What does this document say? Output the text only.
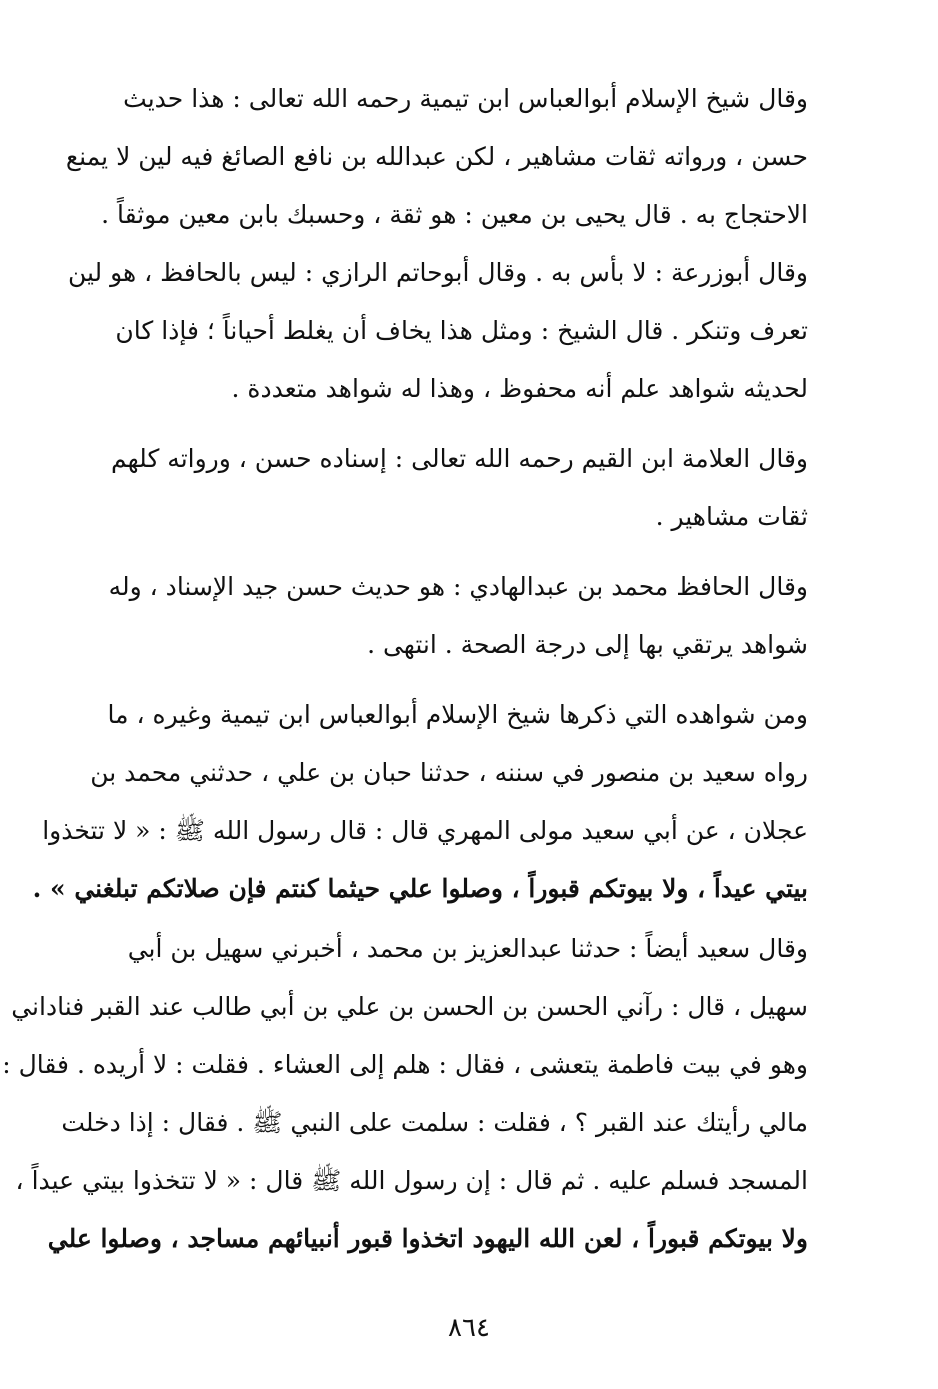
وقال شيخ الإسلام أبوالعباس ابن تيمية رحمه الله تعالى : هذا حديث
حسن ، ورواته ثقات مشاهير ، لكن عبدالله بن نافع الصائغ فيه لين لا يمنع
الاحتجاج به . قال يحيى بن معين : هو ثقة ، وحسبك بابن معين موثقاً .
وقال أبوزرعة : لا بأس به . وقال أبوحاتم الرازي : ليس بالحافظ ، هو لين
تعرف وتنكر . قال الشيخ : ومثل هذا يخاف أن يغلط أحياناً ؛ فإذا كان
لحديثه شواهد علم أنه محفوظ ، وهذا له شواهد متعددة .
وقال العلامة ابن القيم رحمه الله تعالى : إسناده حسن ، ورواته كلهم
ثقات مشاهير .
وقال الحافظ محمد بن عبدالهادي : هو حديث حسن جيد الإسناد ، وله
شواهد يرتقي بها إلى درجة الصحة . انتهى .
ومن شواهده التي ذكرها شيخ الإسلام أبوالعباس ابن تيمية وغيره ، ما
رواه سعيد بن منصور في سننه ، حدثنا حبان بن علي ، حدثني محمد بن
عجلان ، عن أبي سعيد مولى المهري قال : قال رسول الله ﷺ : « لا تتخذوا
بيتي عيداً ، ولا بيوتكم قبوراً ، وصلوا علي حيثما كنتم فإن صلاتكم تبلغني » .
وقال سعيد أيضاً : حدثنا عبدالعزيز بن محمد ، أخبرني سهيل بن أبي
سهيل ، قال : رآني الحسن بن الحسن بن علي بن أبي طالب عند القبر فناداني
وهو في بيت فاطمة يتعشى ، فقال : هلم إلى العشاء . فقلت : لا أريده . فقال :
مالي رأيتك عند القبر ؟ ، فقلت : سلمت على النبي ﷺ . فقال : إذا دخلت
المسجد فسلم عليه . ثم قال : إن رسول الله ﷺ قال : « لا تتخذوا بيتي عيداً ،
ولا بيوتكم قبوراً ، لعن الله اليهود اتخذوا قبور أنبيائهم مساجد ، وصلوا علي
٨٦٤
